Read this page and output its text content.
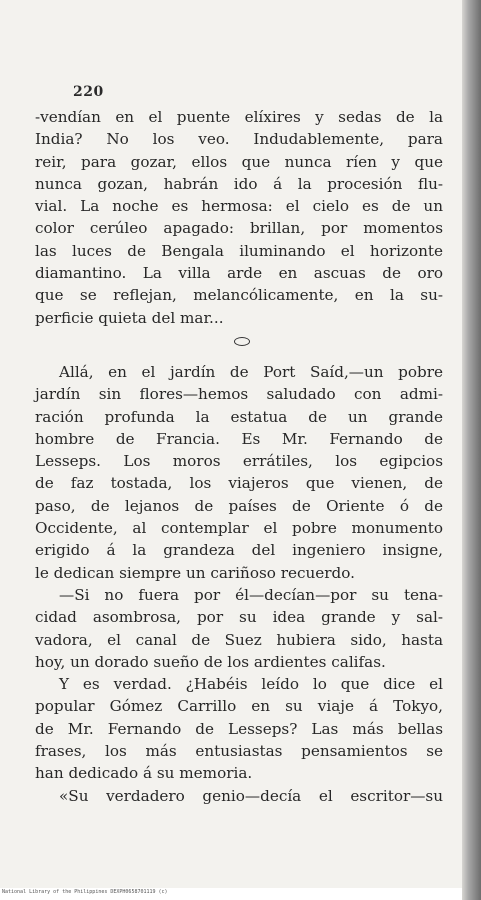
220
-vendían en el puente elíxires y sedas de la
India? No los veo. Indudablemente, para
reir, para gozar, ellos que nunca ríen y que
nunca gozan, habrán ido á la procesión flu-
vial. La noche es hermosa: el cielo es de un
color cerúleo apagado: brillan, por momentos
las luces de Bengala iluminando el horizonte
diamantino. La villa arde en ascuas de oro
que se reflejan, melancólicamente, en la su-
perficie quieta del mar...
Allá, en el jardín de Port Saíd,—un pobre
jardín sin flores—hemos saludado con admi-
ración profunda la estatua de un grande
hombre de Francia. Es Mr. Fernando de
Lesseps. Los moros errátiles, los egipcios
de faz tostada, los viajeros que vienen, de
paso, de lejanos de países de Oriente ó de
Occidente, al contemplar el pobre monumento
erigido á la grandeza del ingeniero insigne,
le dedican siempre un cariñoso recuerdo.
—Si no fuera por él—decían—por su tena-
cidad asombrosa, por su idea grande y sal-
vadora, el canal de Suez hubiera sido, hasta
hoy, un dorado sueño de los ardientes califas.
Y es verdad. ¿Habéis leído lo que dice el
popular Gómez Carrillo en su viaje á Tokyo,
de Mr. Fernando de Lesseps? Las más bellas
frases, los más entusiastas pensamientos se
han dedicado á su memoria.
«Su verdadero genio—decía el escritor—su
National Library of the Philippines DEXPH0658701119 (c)
